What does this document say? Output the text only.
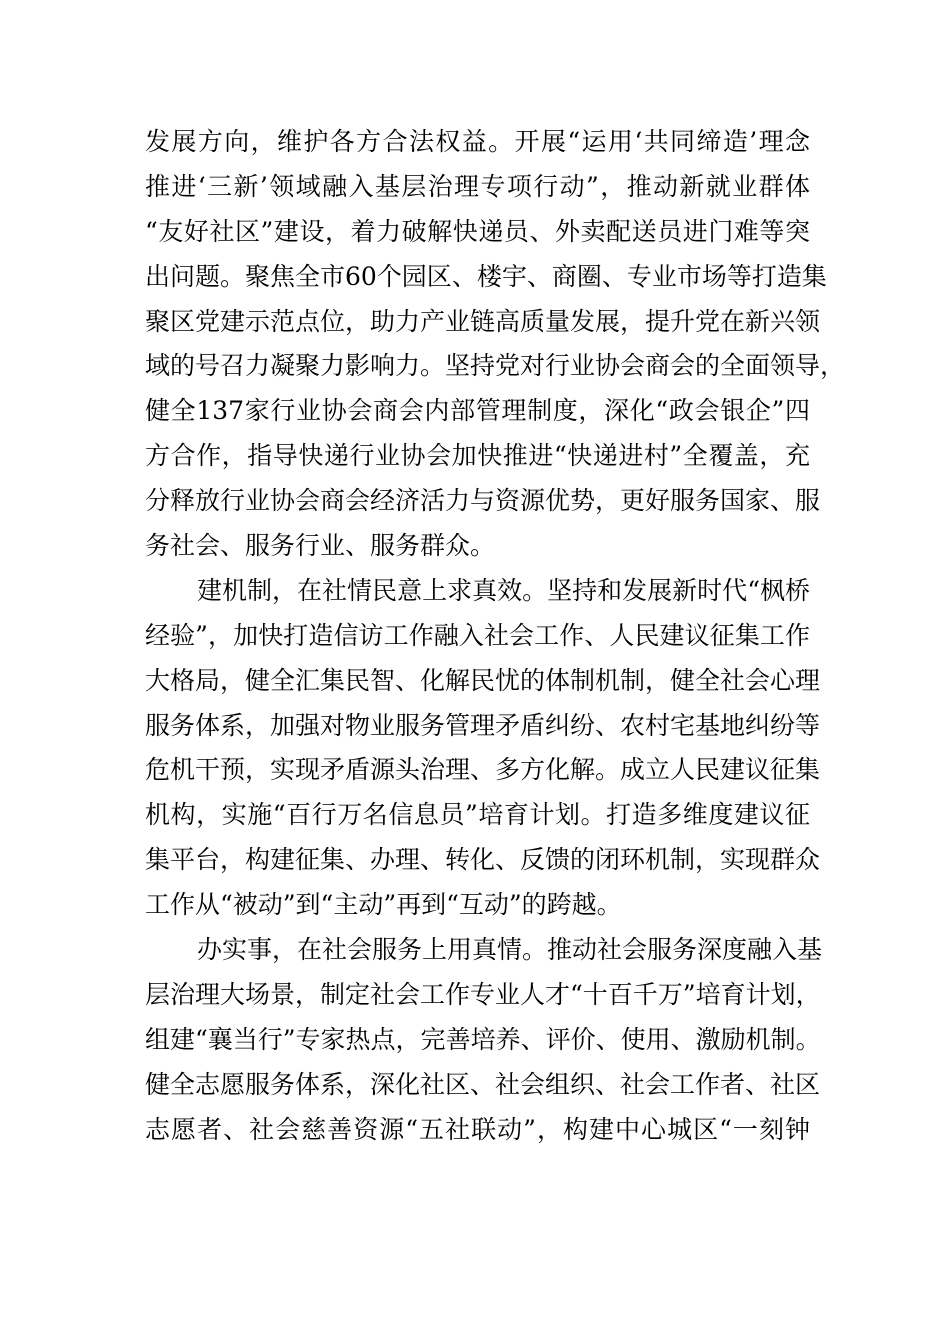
发展方向，维护各方合法权益。开展“运用‘共同缔造’理念
推进‘三新’领域融入基层治理专项行动”，推动新就业群体
“友好社区”建设，着力破解快递员、外卖配送员进门难等突
出问题。聚焦全市60个园区、楼宇、商圈、专业市场等打造集
聚区党建示范点位，助力产业链高质量发展，提升党在新兴领
域的号召力凝聚力影响力。坚持党对行业协会商会的全面领导，
健全137家行业协会商会内部管理制度，深化“政会银企”四
方合作，指导快递行业协会加快推进“快递进村”全覆盖，充
分释放行业协会商会经济活力与资源优势，更好服务国家、服
务社会、服务行业、服务群众。
建机制，在社情民意上求真效。坚持和发展新时代“枫桥
经验”，加快打造信访工作融入社会工作、人民建议征集工作
大格局，健全汇集民智、化解民忧的体制机制，健全社会心理
服务体系，加强对物业服务管理矛盾纠纷、农村宅基地纠纷等
危机干预，实现矛盾源头治理、多方化解。成立人民建议征集
机构，实施“百行万名信息员”培育计划。打造多维度建议征
集平台，构建征集、办理、转化、反馈的闭环机制，实现群众
工作从“被动”到“主动”再到“互动”的跨越。
办实事，在社会服务上用真情。推动社会服务深度融入基
层治理大场景，制定社会工作专业人才“十百千万”培育计划，
组建“襄当行”专家热点，完善培养、评价、使用、激励机制。
健全志愿服务体系，深化社区、社会组织、社会工作者、社区
志愿者、社会慈善资源“五社联动”，构建中心城区“一刻钟
